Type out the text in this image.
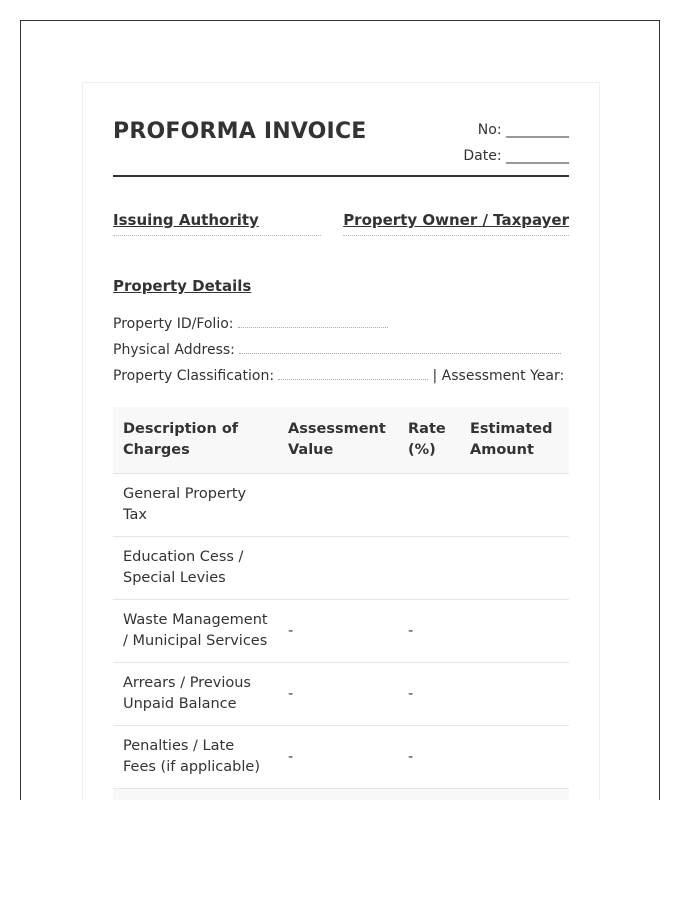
PROFORMA INVOICE	No: _________
Date: _________
Issuing Authority	Property Owner / Taxpayer
Property Details
Property ID/Folio:
Physical Address:
Property Classification:	| Assessment Year:
Description of Charges	Assessment Value	Rate (%)	Estimated Amount
General Property Tax			
Education Cess / Special Levies			
Waste Management / Municipal Services	-	-	
Arrears / Previous Unpaid Balance	-	-	
Penalties / Late Fees (if applicable)	-	-	
